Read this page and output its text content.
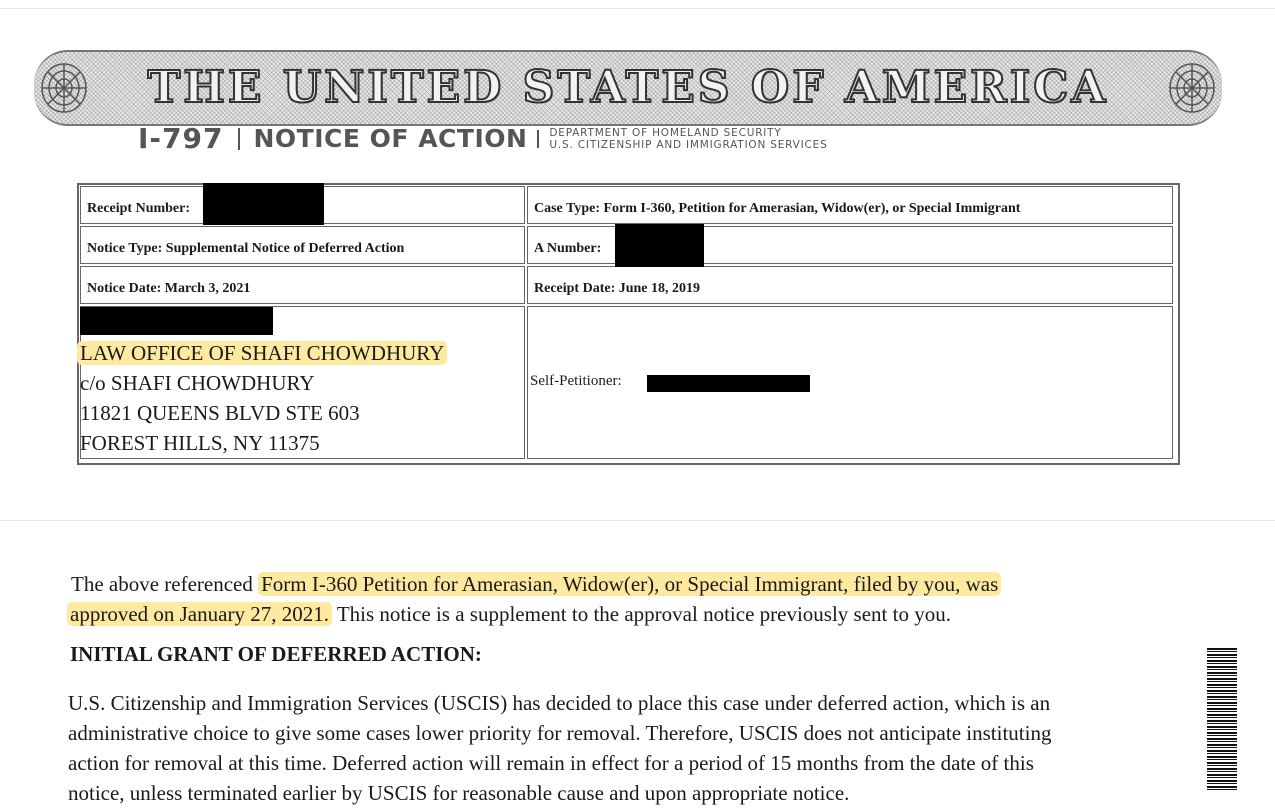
THE UNITED STATES OF AMERICA
I-797 NOTICE OF ACTION DEPARTMENT OF HOMELAND SECURITY
U.S. CITIZENSHIP AND IMMIGRATION SERVICES
Receipt Number:	Case Type: Form I-360, Petition for Amerasian, Widow(er), or Special Immigrant
Notice Type: Supplemental Notice of Deferred Action	A Number:
Notice Date: March 3, 2021	Receipt Date: June 18, 2019
LAW OFFICE OF SHAFI CHOWDHURY
c/o SHAFI CHOWDHURY
11821 QUEENS BLVD STE 603
FOREST HILLS, NY 11375
Self-Petitioner:
The above referenced Form I-360 Petition for Amerasian, Widow(er), or Special Immigrant, filed by you, was
approved on January 27, 2021. This notice is a supplement to the approval notice previously sent to you.
INITIAL GRANT OF DEFERRED ACTION:
U.S. Citizenship and Immigration Services (USCIS) has decided to place this case under deferred action, which is an
administrative choice to give some cases lower priority for removal. Therefore, USCIS does not anticipate instituting
action for removal at this time. Deferred action will remain in effect for a period of 15 months from the date of this
notice, unless terminated earlier by USCIS for reasonable cause and upon appropriate notice.
